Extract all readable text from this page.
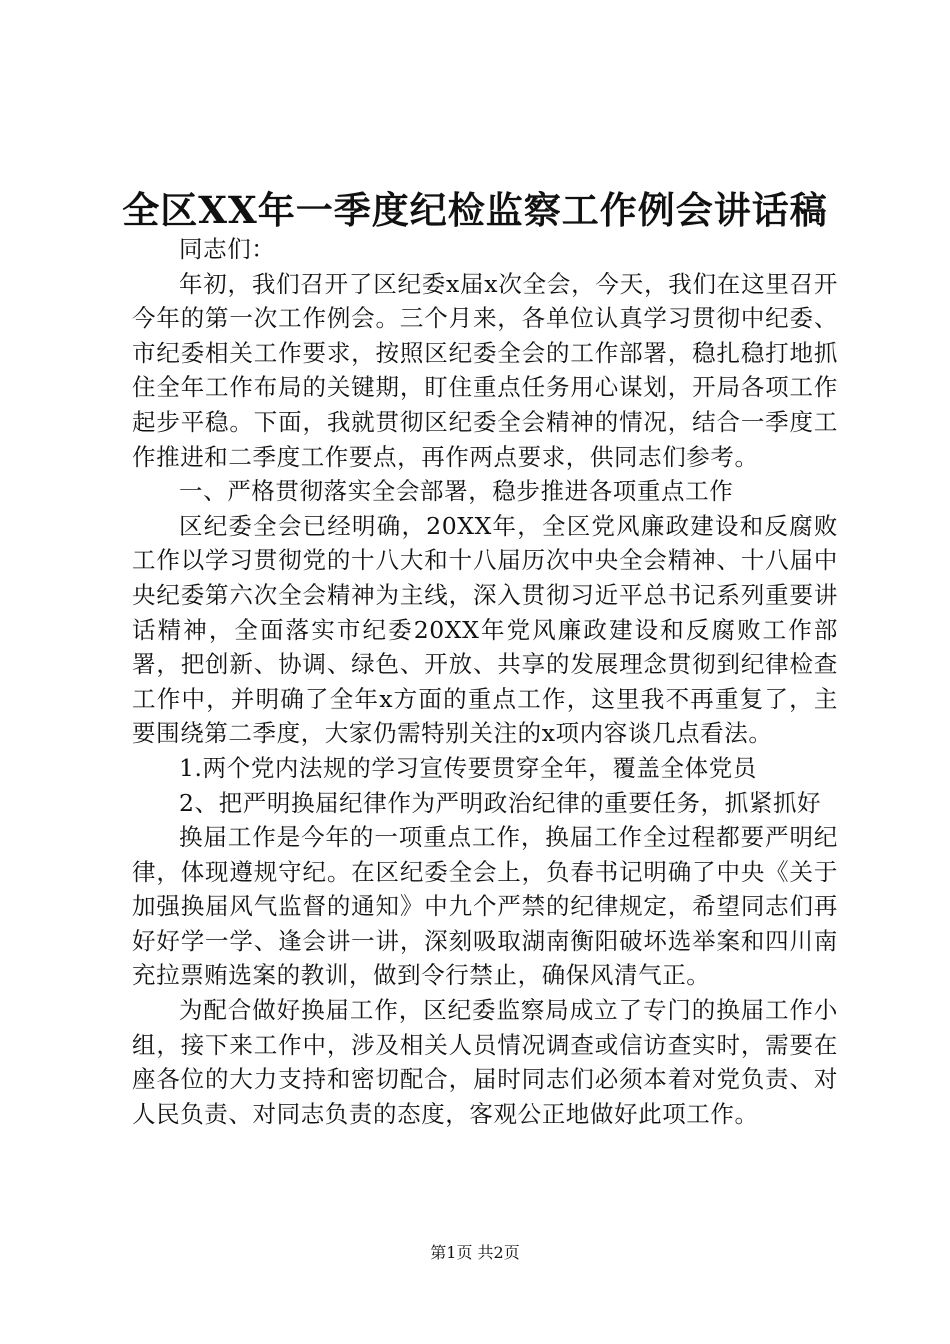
全区XX年一季度纪检监察工作例会讲话稿

同志们：

年初，我们召开了区纪委x届x次全会，今天，我们在这里召开今年的第一次工作例会。三个月来，各单位认真学习贯彻中纪委、市纪委相关工作要求，按照区纪委全会的工作部署，稳扎稳打地抓住全年工作布局的关键期，盯住重点任务用心谋划，开局各项工作起步平稳。下面，我就贯彻区纪委全会精神的情况，结合一季度工作推进和二季度工作要点，再作两点要求，供同志们参考。

一、严格贯彻落实全会部署，稳步推进各项重点工作

区纪委全会已经明确，20XX年，全区党风廉政建设和反腐败工作以学习贯彻党的十八大和十八届历次中央全会精神、十八届中央纪委第六次全会精神为主线，深入贯彻习近平总书记系列重要讲话精神，全面落实市纪委20XX年党风廉政建设和反腐败工作部署，把创新、协调、绿色、开放、共享的发展理念贯彻到纪律检查工作中，并明确了全年x方面的重点工作，这里我不再重复了，主要围绕第二季度，大家仍需特别关注的x项内容谈几点看法。

1.两个党内法规的学习宣传要贯穿全年，覆盖全体党员

2、把严明换届纪律作为严明政治纪律的重要任务，抓紧抓好

换届工作是今年的一项重点工作，换届工作全过程都要严明纪律，体现遵规守纪。在区纪委全会上，负春书记明确了中央《关于加强换届风气监督的通知》中九个严禁的纪律规定，希望同志们再好好学一学、逢会讲一讲，深刻吸取湖南衡阳破坏选举案和四川南充拉票贿选案的教训，做到令行禁止，确保风清气正。

为配合做好换届工作，区纪委监察局成立了专门的换届工作小组，接下来工作中，涉及相关人员情况调查或信访查实时，需要在座各位的大力支持和密切配合，届时同志们必须本着对党负责、对人民负责、对同志负责的态度，客观公正地做好此项工作。

第1页 共2页
